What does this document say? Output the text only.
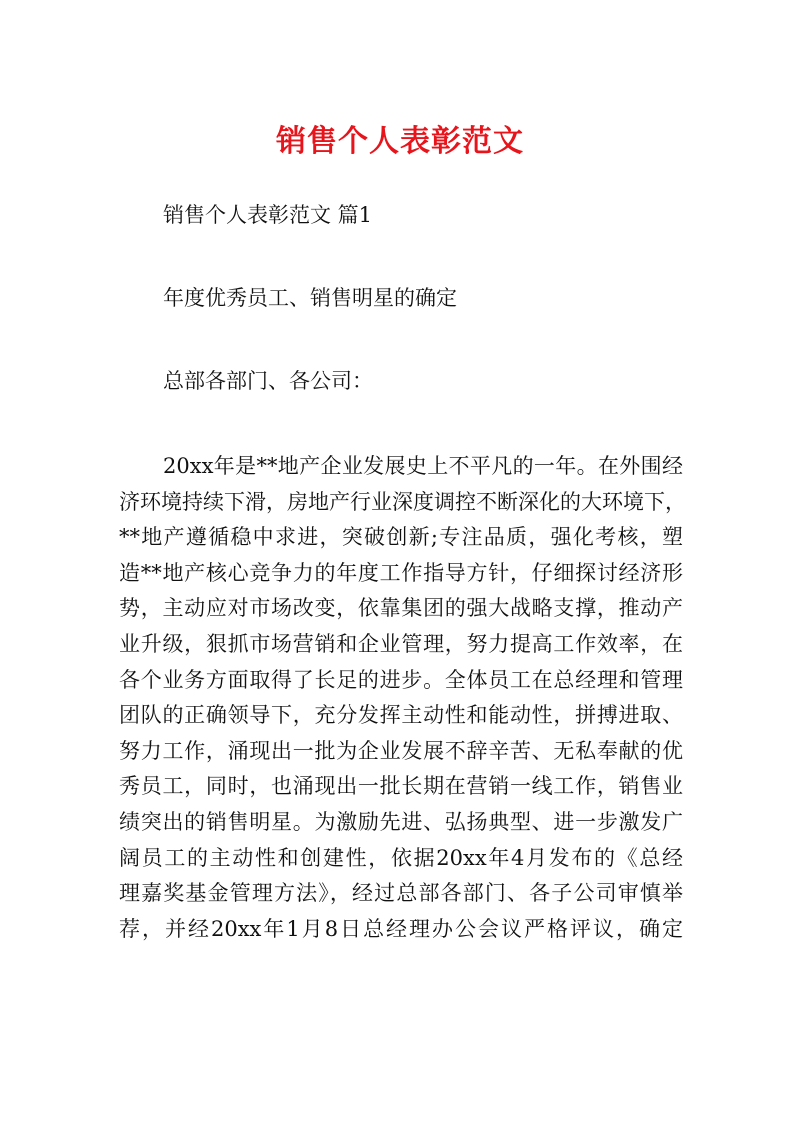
销售个人表彰范文
销售个人表彰范文 篇1
年度优秀员工、销售明星的确定
总部各部门、各公司：
20xx年是**地产企业发展史上不平凡的一年。在外围经
济环境持续下滑，房地产行业深度调控不断深化的大环境下，
**地产遵循稳中求进，突破创新;专注品质，强化考核，塑
造**地产核心竞争力的年度工作指导方针，仔细探讨经济形
势，主动应对市场改变，依靠集团的强大战略支撑，推动产
业升级，狠抓市场营销和企业管理，努力提高工作效率，在
各个业务方面取得了长足的进步。全体员工在总经理和管理
团队的正确领导下，充分发挥主动性和能动性，拼搏进取、
努力工作，涌现出一批为企业发展不辞辛苦、无私奉献的优
秀员工，同时，也涌现出一批长期在营销一线工作，销售业
绩突出的销售明星。为激励先进、弘扬典型、进一步激发广
阔员工的主动性和创建性，依据20xx年4月发布的《总经
理嘉奖基金管理方法》，经过总部各部门、各子公司审慎举
荐，并经20xx年1月8日总经理办公会议严格评议，确定
